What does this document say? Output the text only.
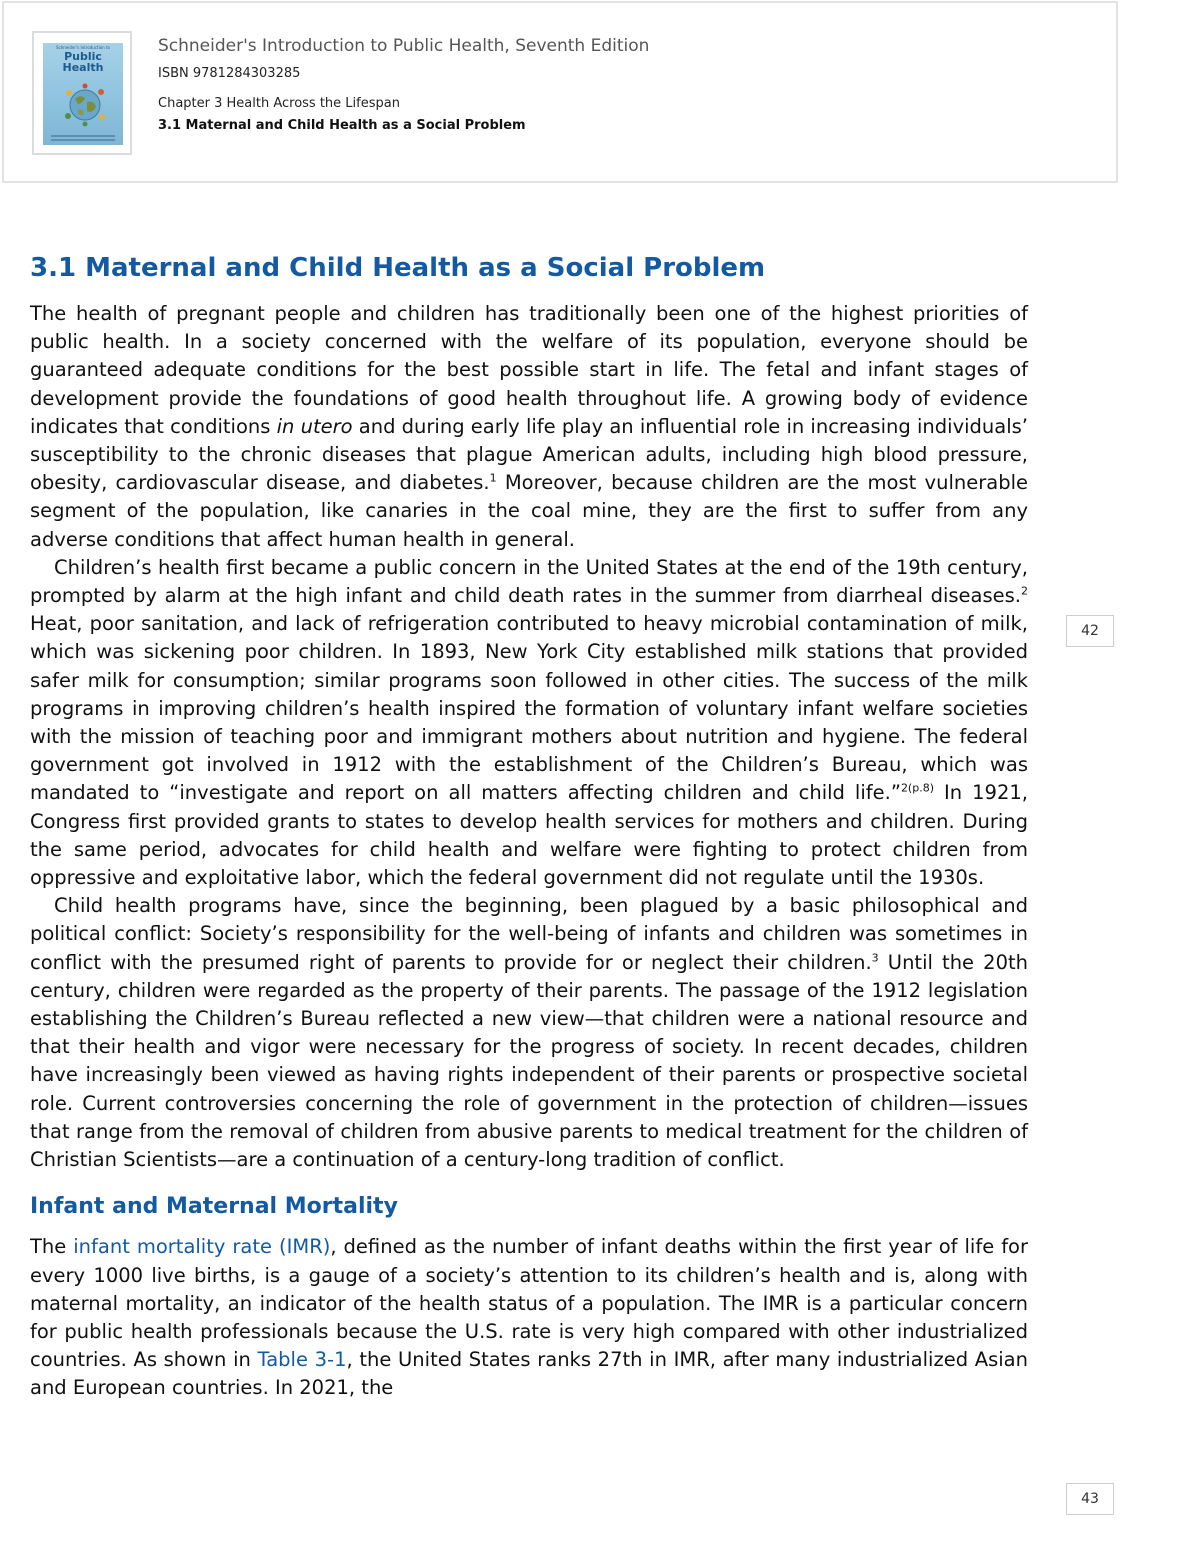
Schneider's Introduction to
Public
Health

Schneider's Introduction to Public Health, Seventh Edition

ISBN 9781284303285

Chapter 3 Health Across the Lifespan

3.1 Maternal and Child Health as a Social Problem

3.1 Maternal and Child Health as a Social Problem

The health of pregnant people and children has traditionally been one of the highest priorities of public health. In a society concerned with the welfare of its population, everyone should be guaranteed adequate conditions for the best possible start in life. The fetal and infant stages of development provide the foundations of good health throughout life. A growing body of evidence indicates that conditions in utero and during early life play an influential role in increasing individuals’ susceptibility to the chronic diseases that plague American adults, including high blood pressure, obesity, cardiovascular disease, and diabetes.$^1$ Moreover, because children are the most vulnerable segment of the population, like canaries in the coal mine, they are the first to suffer from any adverse conditions that affect human health in general.

Children’s health first became a public concern in the United States at the end of the 19th century, prompted by alarm at the high infant and child death rates in the summer from diarrheal diseases.$^2$ Heat, poor sanitation, and lack of refrigeration contributed to heavy microbial contamination of milk, which was sickening poor children. In 1893, New York City established milk stations that provided safer milk for consumption; similar programs soon followed in other cities. The success of the milk programs in improving children’s health inspired the formation of voluntary infant welfare societies with the mission of teaching poor and immigrant mothers about nutrition and hygiene. The federal government got involved in 1912 with the establishment of the Children’s Bureau, which was mandated to “investigate and report on all matters affecting children and child life.”$^{2(p.8)}$ In 1921, Congress first provided grants to states to develop health services for mothers and children. During the same period, advocates for child health and welfare were fighting to protect children from oppressive and exploitative labor, which the federal government did not regulate until the 1930s.

Child health programs have, since the beginning, been plagued by a basic philosophical and political conflict: Society’s responsibility for the well-being of infants and children was sometimes in conflict with the presumed right of parents to provide for or neglect their children.$^3$ Until the 20th century, children were regarded as the property of their parents. The passage of the 1912 legislation establishing the Children’s Bureau reflected a new view—that children were a national resource and that their health and vigor were necessary for the progress of society. In recent decades, children have increasingly been viewed as having rights independent of their parents or prospective societal role. Current controversies concerning the role of government in the protection of children—issues that range from the removal of children from abusive parents to medical treatment for the children of Christian Scientists—are a continuation of a century-long tradition of conflict.

Infant and Maternal Mortality

The infant mortality rate (IMR), defined as the number of infant deaths within the first year of life for every 1000 live births, is a gauge of a society’s attention to its children’s health and is, along with maternal mortality, an indicator of the health status of a population. The IMR is a particular concern for public health professionals because the U.S. rate is very high compared with other industrialized countries. As shown in Table 3-1, the United States ranks 27th in IMR, after many industrialized Asian and European countries. In 2021, the

42
43
